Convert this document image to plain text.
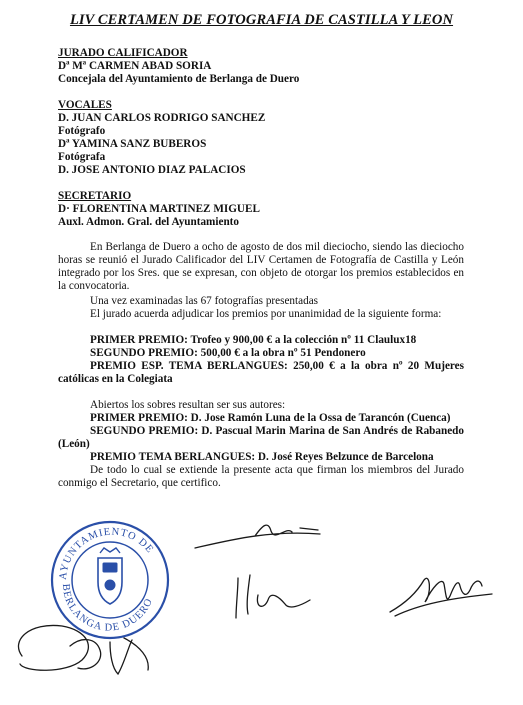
LIV CERTAMEN DE FOTOGRAFIA DE CASTILLA Y LEON
JURADO CALIFICADOR
Dª Mª CARMEN ABAD SORIA
Concejala del Ayuntamiento de Berlanga de Duero
VOCALES
D. JUAN CARLOS RODRIGO SANCHEZ
Fotógrafo
Dª YAMINA SANZ BUBEROS
Fotógrafa
D. JOSE ANTONIO DIAZ PALACIOS
SECRETARIO
D· FLORENTINA MARTINEZ MIGUEL
Auxl. Admon. Gral. del Ayuntamiento
En Berlanga de Duero a ocho de agosto de dos mil dieciocho, siendo las dieciocho horas se reunió el Jurado Calificador del LIV Certamen de Fotografía de Castilla y León integrado por los Sres. que se expresan, con objeto de otorgar los premios establecidos en la convocatoria.
Una vez examinadas las 67 fotografías presentadas
El jurado acuerda adjudicar los premios por unanimidad de la siguiente forma:
PRIMER PREMIO: Trofeo y 900,00 € a la colección nº 11 Claulux18
SEGUNDO PREMIO: 500,00 € a la obra nº 51 Pendonero
PREMIO ESP. TEMA BERLANGUES: 250,00 € a la obra nº 20 Mujeres católicas en la Colegiata
Abiertos los sobres resultan ser sus autores:
PRIMER PREMIO: D. Jose Ramón Luna de la Ossa de Tarancón (Cuenca)
SEGUNDO PREMIO: D. Pascual Marin Marina de San Andrés de Rabanedo (León)
PREMIO TEMA BERLANGUES: D. José Reyes Belzunce de Barcelona
De todo lo cual se extiende la presente acta que firman los miembros del Jurado conmigo el Secretario, que certifico.
AYUNTAMIENTO DE
BERLANGA DE DUERO
